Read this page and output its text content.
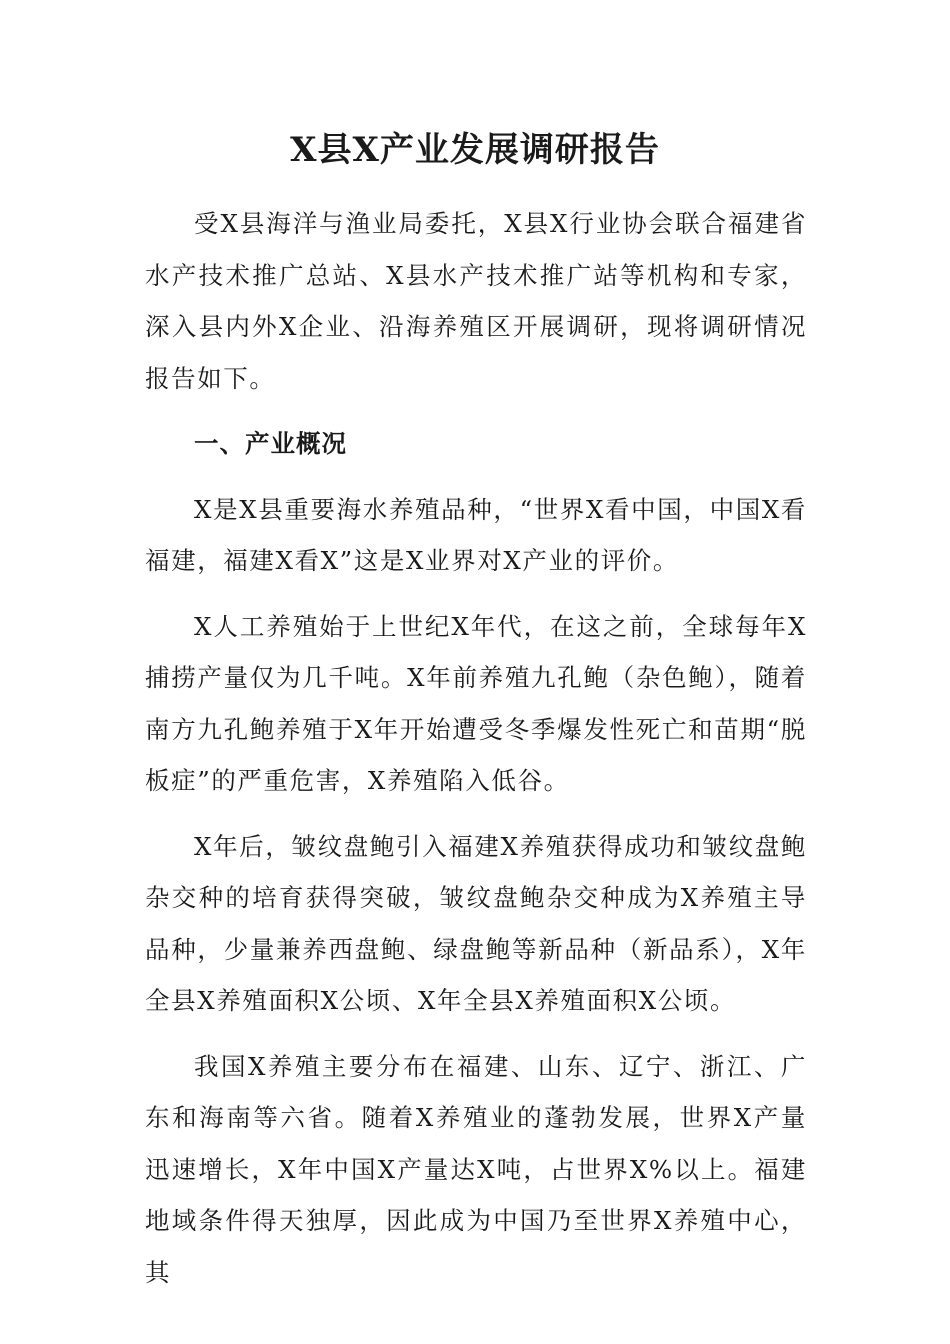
X县X产业发展调研报告

受X县海洋与渔业局委托，X县X行业协会联合福建省水产技术推广总站、X县水产技术推广站等机构和专家，深入县内外X企业、沿海养殖区开展调研，现将调研情况报告如下。

一、产业概况

X是X县重要海水养殖品种，“世界X看中国，中国X看福建，福建X看X”这是X业界对X产业的评价。

X人工养殖始于上世纪X年代，在这之前，全球每年X捕捞产量仅为几千吨。X年前养殖九孔鲍（杂色鲍），随着南方九孔鲍养殖于X年开始遭受冬季爆发性死亡和苗期“脱板症”的严重危害，X养殖陷入低谷。

X年后，皱纹盘鲍引入福建X养殖获得成功和皱纹盘鲍杂交种的培育获得突破，皱纹盘鲍杂交种成为X养殖主导品种，少量兼养西盘鲍、绿盘鲍等新品种（新品系），X年全县X养殖面积X公顷、X年全县X养殖面积X公顷。

我国X养殖主要分布在福建、山东、辽宁、浙江、广东和海南等六省。随着X养殖业的蓬勃发展，世界X产量迅速增长，X年中国X产量达X吨，占世界X%以上。福建地域条件得天独厚，因此成为中国乃至世界X养殖中心，其
